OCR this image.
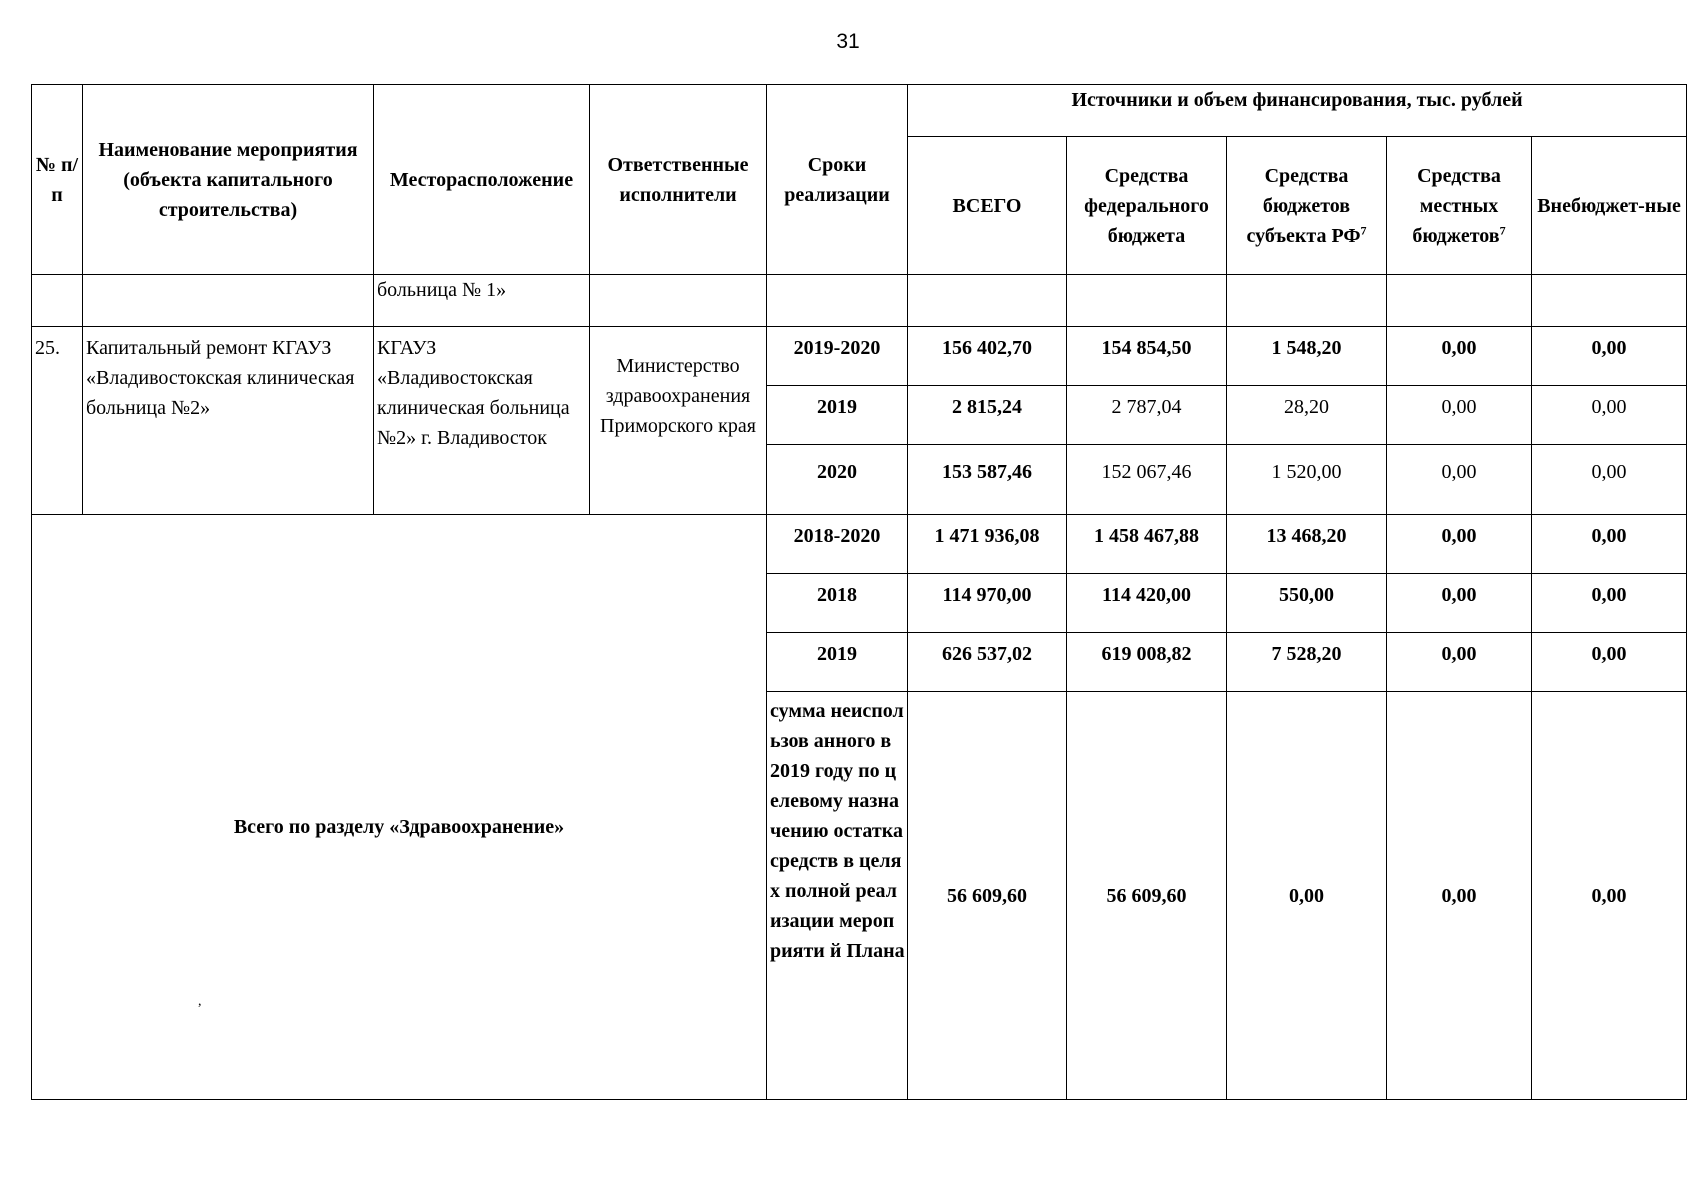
31
№ п/п	Наименование мероприятия (объекта капитального строительства)	Месторасположение	Ответственные исполнители	Сроки реализации	Источники и объем финансирования, тыс. рублей				
					ВСЕГО	Средства федерального бюджета	Средства бюджетов субъекта $РФ^7$	Средства местных бюджетов$^7$	Внебюджет-ные
		больница № 1»							
25.	Капитальный ремонт КГАУЗ «Владивостокская клиническая больница №2»	КГАУЗ «Владивостокская клиническая больница №2» г. Владивосток	Министерство здравоохранения Приморского края	2019-2020	156 402,70	154 854,50	1 548,20	0,00	0,00
				2019	2 815,24	2 787,04	28,20	0,00	0,00
				2020	153 587,46	152 067,46	1 520,00	0,00	0,00
Всего по разделу «Здравоохранение»				2018-2020	1 471 936,08	1 458 467,88	13 468,20	0,00	0,00
				2018	114 970,00	114 420,00	550,00	0,00	0,00
				2019	626 537,02	619 008,82	7 528,20	0,00	0,00
				сумма неиспользов анного в 2019 году по целевому назначению остатка средств в целях полной реализации мероприяти й Плана	56 609,60	56 609,60	0,00	0,00	0,00
,
